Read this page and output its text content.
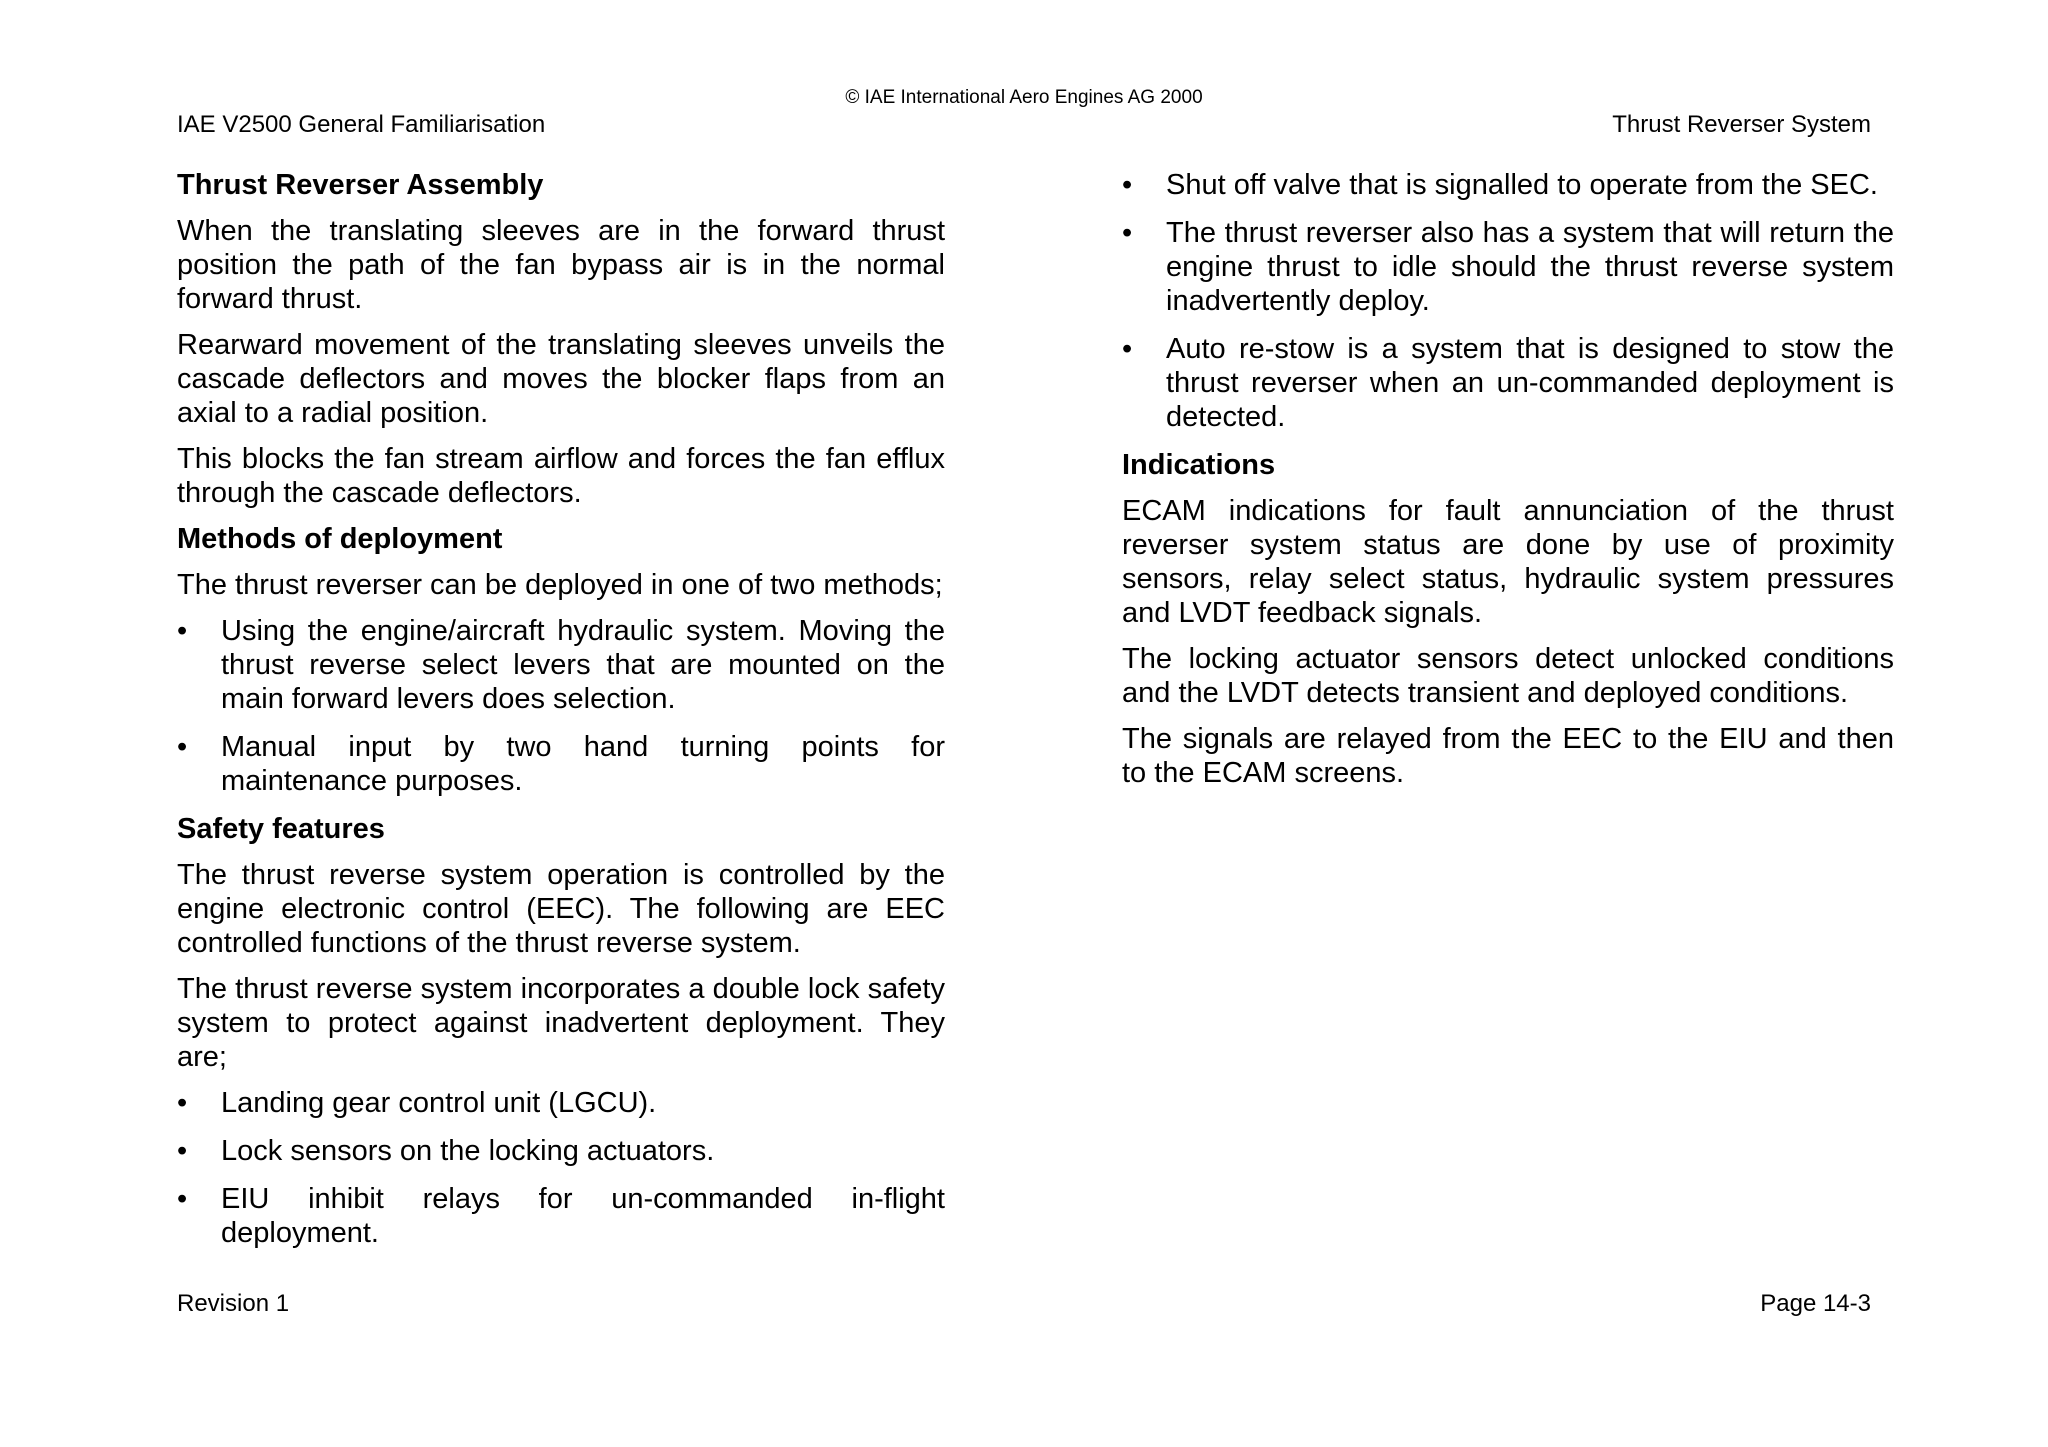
© IAE International Aero Engines AG 2000
IAE V2500 General Familiarisation	Thrust Reverser System
Thrust Reverser Assembly

When the translating sleeves are in the forward thrust position the path of the fan bypass air is in the normal forward thrust.

Rearward movement of the translating sleeves unveils the cascade deflectors and moves the blocker flaps from an axial to a radial position.

This blocks the fan stream airflow and forces the fan efflux through the cascade deflectors.

Methods of deployment

The thrust reverser can be deployed in one of two methods;

•	Using the engine/aircraft hydraulic system. Moving the thrust reverse select levers that are mounted on the main forward levers does selection.
•	Manual input by two hand turning points for maintenance purposes.
Safety features

The thrust reverse system operation is controlled by the engine electronic control (EEC). The following are EEC controlled functions of the thrust reverse system.

The thrust reverse system incorporates a double lock safety system to protect against inadvertent deployment. They are;

•	Landing gear control unit (LGCU).
•	Lock sensors on the locking actuators.
•	EIU inhibit relays for un-commanded in-flight deployment.
•	Shut off valve that is signalled to operate from the SEC.
•	The thrust reverser also has a system that will return the engine thrust to idle should the thrust reverse system inadvertently deploy.
•	Auto re-stow is a system that is designed to stow the thrust reverser when an un-commanded deployment is detected.
Indications

ECAM indications for fault annunciation of the thrust reverser system status are done by use of proximity sensors, relay select status, hydraulic system pressures and LVDT feedback signals.

The locking actuator sensors detect unlocked conditions and the LVDT detects transient and deployed conditions.

The signals are relayed from the EEC to the EIU and then to the ECAM screens.

Revision 1	Page 14-3
